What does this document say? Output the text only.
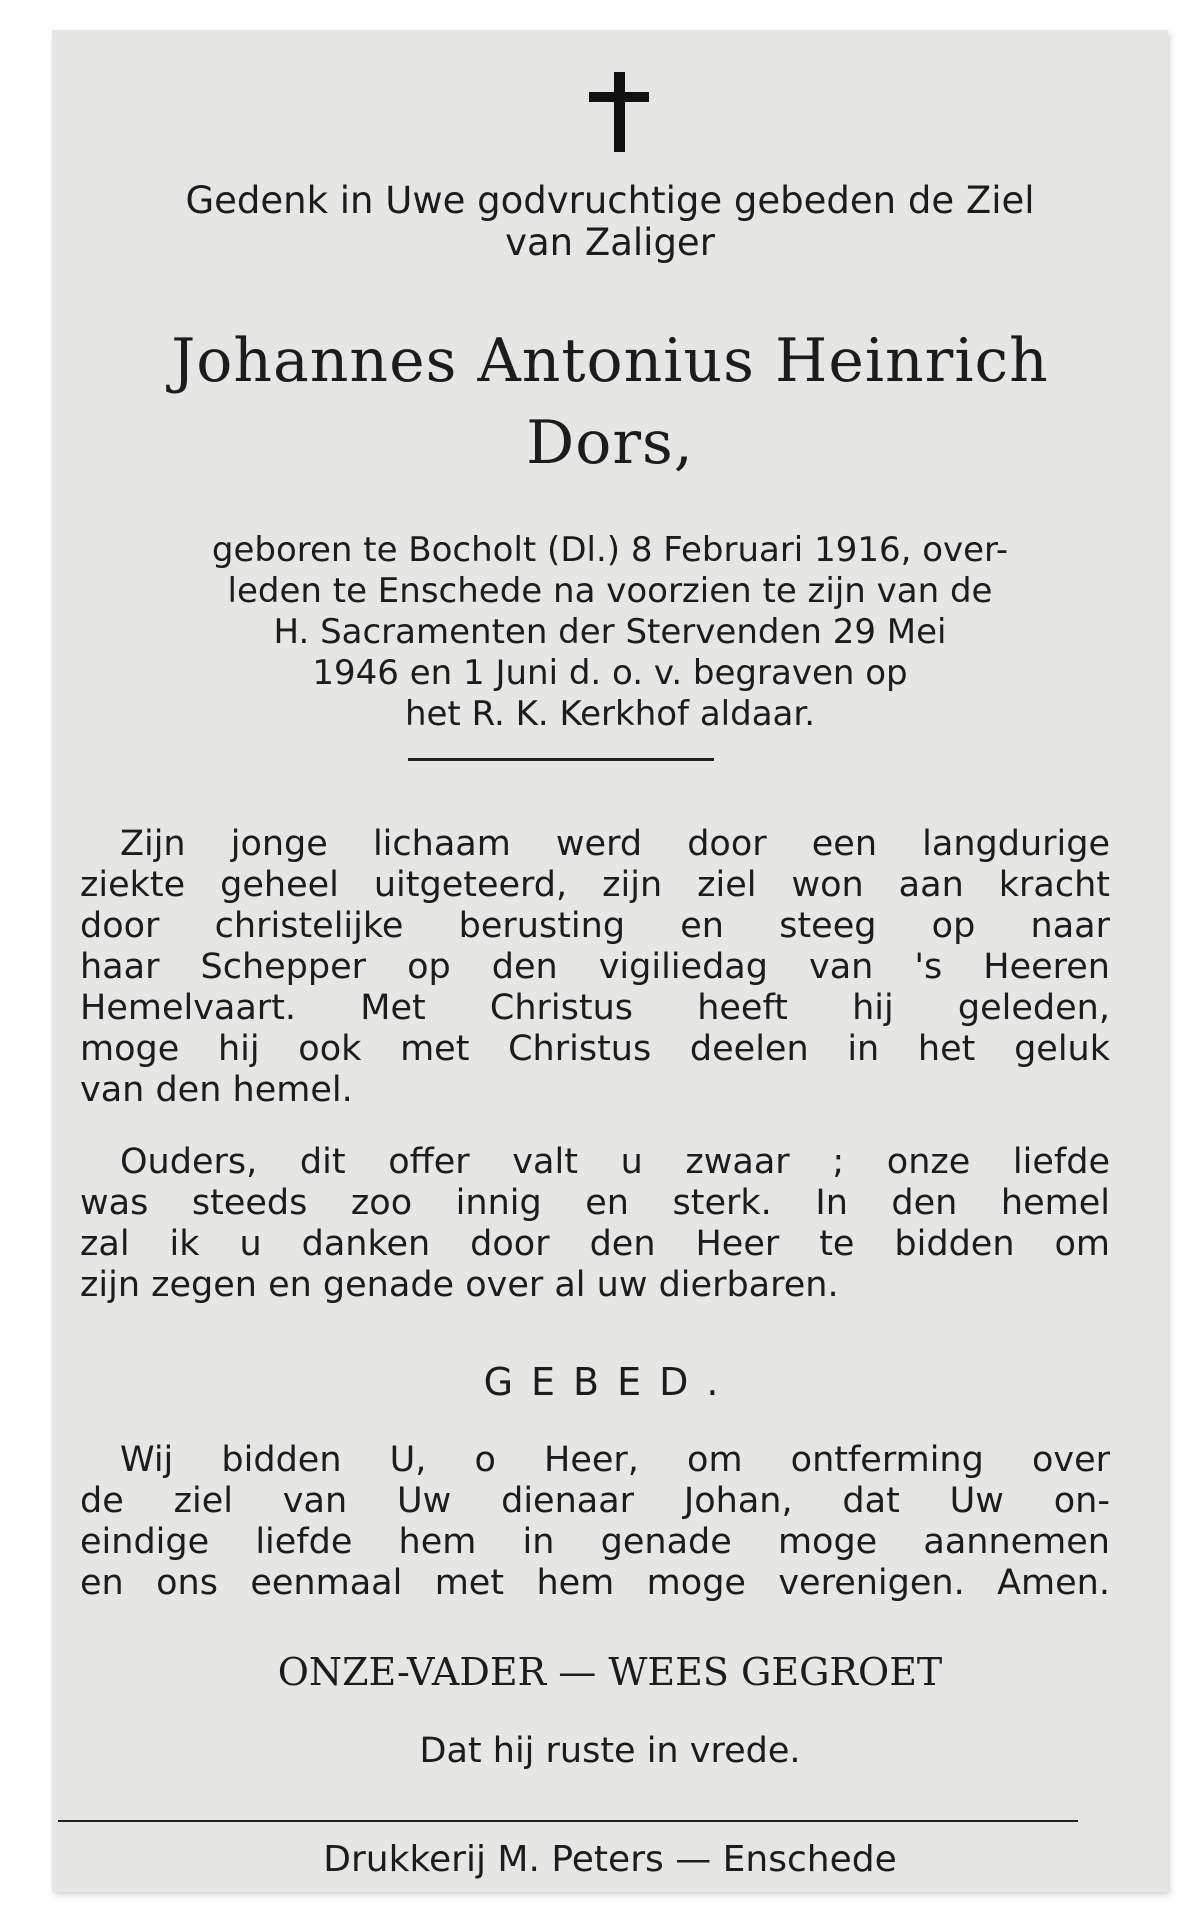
Gedenk in Uwe godvruchtige gebeden de Ziel
van Zaliger
Johannes Antonius Heinrich
Dors,
geboren te Bocholt (Dl.) 8 Februari 1916, over-
leden te Enschede na voorzien te zijn van de
H. Sacramenten der Stervenden 29 Mei
1946 en 1 Juni d. o. v. begraven op
het R. K. Kerkhof aldaar.
Zijn jonge lichaam werd door een langdurige
ziekte geheel uitgeteerd, zijn ziel won aan kracht
door christelijke berusting en steeg op naar
haar Schepper op den vigiliedag van 's Heeren
Hemelvaart. Met Christus heeft hij geleden,
moge hij ook met Christus deelen in het geluk
van den hemel.
Ouders, dit offer valt u zwaar ; onze liefde
was steeds zoo innig en sterk. In den hemel
zal ik u danken door den Heer te bidden om
zijn zegen en genade over al uw dierbaren.
GEBED.
Wij bidden U, o Heer, om ontferming over
de ziel van Uw dienaar Johan, dat Uw on-
eindige liefde hem in genade moge aannemen
en ons eenmaal met hem moge verenigen. Amen.
ONZE-VADER — WEES GEGROET
Dat hij ruste in vrede.
Drukkerij M. Peters — Enschede
